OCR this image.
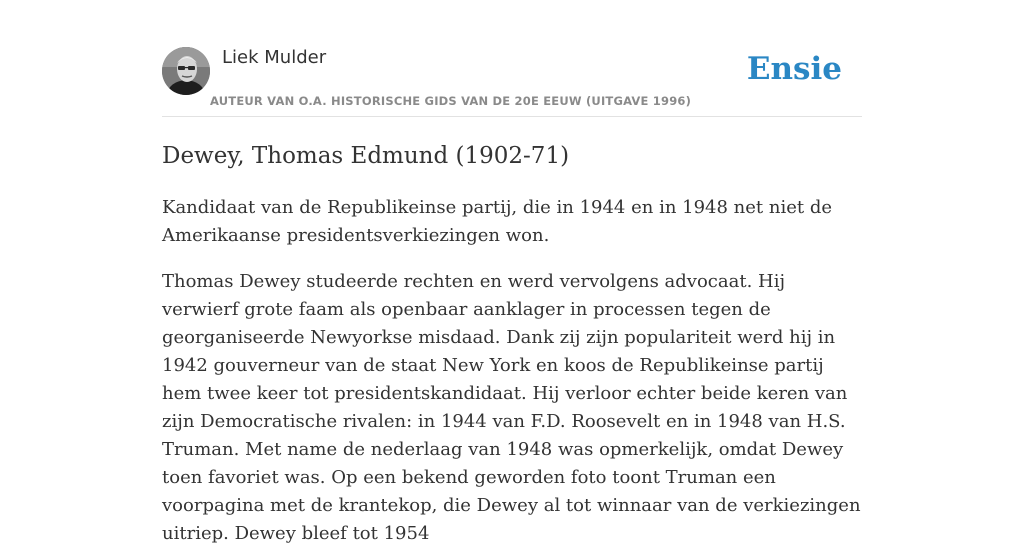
Liek Mulder
AUTEUR VAN O.A. HISTORISCHE GIDS VAN DE 20E EEUW (UITGAVE 1996)
Ensie
Dewey, Thomas Edmund (1902-71)

Kandidaat van de Republikeinse partij, die in 1944 en in 1948 net niet de Amerikaanse presidentsverkiezingen won.

Thomas Dewey studeerde rechten en werd vervolgens advocaat. Hij verwierf grote faam als openbaar aanklager in processen tegen de georganiseerde Newyorkse misdaad. Dank zij zijn populariteit werd hij in 1942 gouverneur van de staat New York en koos de Republikeinse partij hem twee keer tot presidentskandidaat. Hij verloor echter beide keren van zijn Democratische rivalen: in 1944 van F.D. Roosevelt en in 1948 van H.S. Truman. Met name de nederlaag van 1948 was opmerkelijk, omdat Dewey toen favoriet was. Op een bekend geworden foto toont Truman een voorpagina met de krantekop, die Dewey al tot winnaar van de verkiezingen uitriep. Dewey bleef tot 1954
